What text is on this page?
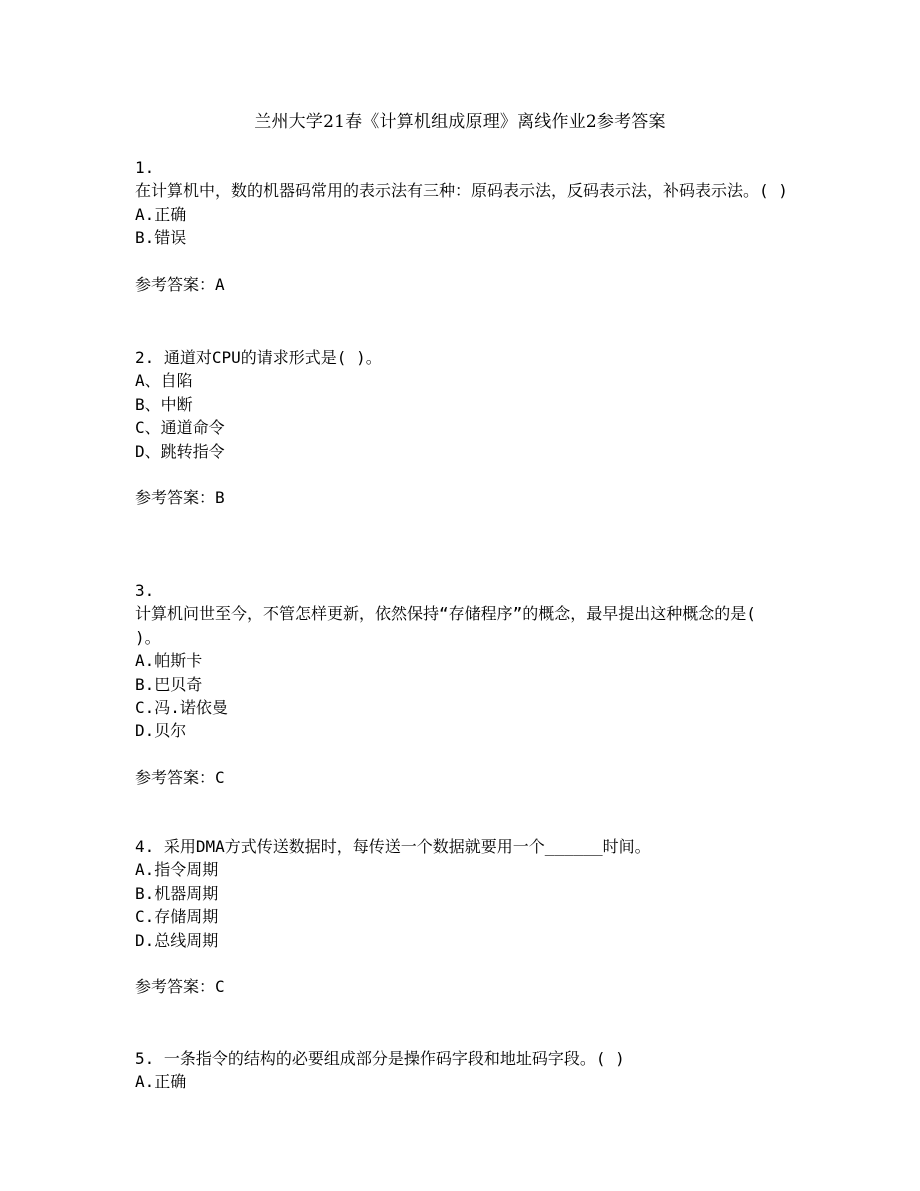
兰州大学21春《计算机组成原理》离线作业2参考答案
1.
在计算机中，数的机器码常用的表示法有三种：原码表示法，反码表示法，补码表示法。( )
A.正确
B.错误
参考答案：A
2. 通道对CPU的请求形式是( )。
A、自陷
B、中断
C、通道命令
D、跳转指令
参考答案：B
3.
计算机问世至今，不管怎样更新，依然保持“存储程序”的概念，最早提出这种概念的是( )。
A.帕斯卡
B.巴贝奇
C.冯.诺依曼
D.贝尔
参考答案：C
4. 采用DMA方式传送数据时，每传送一个数据就要用一个______时间。
A.指令周期
B.机器周期
C.存储周期
D.总线周期
参考答案：C
5. 一条指令的结构的必要组成部分是操作码字段和地址码字段。( )
A.正确
